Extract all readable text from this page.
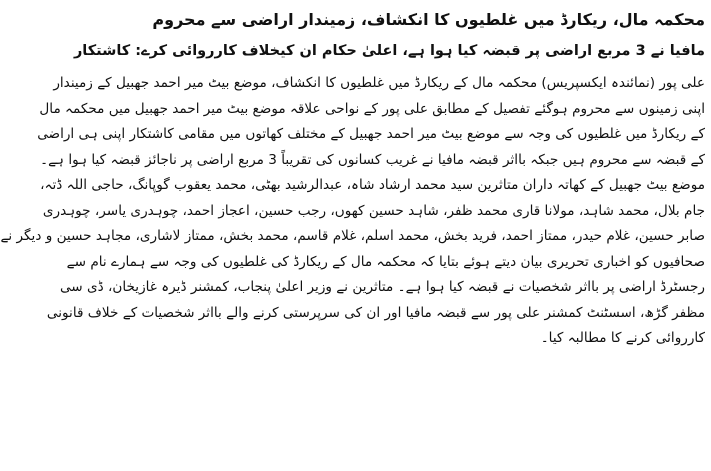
محکمہ مال، ریکارڈ میں غلطیوں کا انکشاف، زمیندار اراضی سے محروم
مافیا نے 3 مربع اراضی پر قبضہ کیا ہوا ہے، اعلیٰ حکام ان کیخلاف کارروائی کرے: کاشتکار
علی پور (نمائندہ ایکسپریس) محکمہ مال کے ریکارڈ میں غلطیوں کا انکشاف، موضع بیٹ میر احمد جھبیل کے زمیندار
اپنی زمینوں سے محروم ہوگئے تفصیل کے مطابق علی پور کے نواحی علاقہ موضع بیٹ میر احمد جھبیل میں محکمہ مال
کے ریکارڈ میں غلطیوں کی وجہ سے موضع بیٹ میر احمد جھبیل کے مختلف کھاتوں میں مقامی کاشتکار اپنی ہی اراضی
کے قبضہ سے محروم ہیں جبکہ بااثر قبضہ مافیا نے غریب کسانوں کی تقریباً 3 مربع اراضی پر ناجائز قبضہ کیا ہوا ہے۔
موضع بیٹ جھبیل کے کھاتہ داران متاثرین سید محمد ارشاد شاہ، عبدالرشید بھٹی، محمد یعقوب گوپانگ، حاجی اللہ ڈتہ،
جام بلال، محمد شاہد، مولانا قاری محمد ظفر، شاہد حسین کھوں، رجب حسین، اعجاز احمد، چوہدری یاسر، چوہدری
صابر حسین، غلام حیدر، ممتاز احمد، فرید بخش، محمد اسلم، غلام قاسم، محمد بخش، ممتاز لاشاری، مجاہد حسین و دیگر نے
صحافیوں کو اخباری تحریری بیان دیتے ہوئے بتایا کہ محکمہ مال کے ریکارڈ کی غلطیوں کی وجہ سے ہمارے نام سے
رجسٹرڈ اراضی پر بااثر شخصیات نے قبضہ کیا ہوا ہے۔ متاثرین نے وزیر اعلیٰ پنجاب، کمشنر ڈیرہ غازیخان، ڈی سی
مظفر گڑھ، اسسٹنٹ کمشنر علی پور سے قبضہ مافیا اور ان کی سرپرستی کرنے والے بااثر شخصیات کے خلاف قانونی
کارروائی کرنے کا مطالبہ کیا۔
